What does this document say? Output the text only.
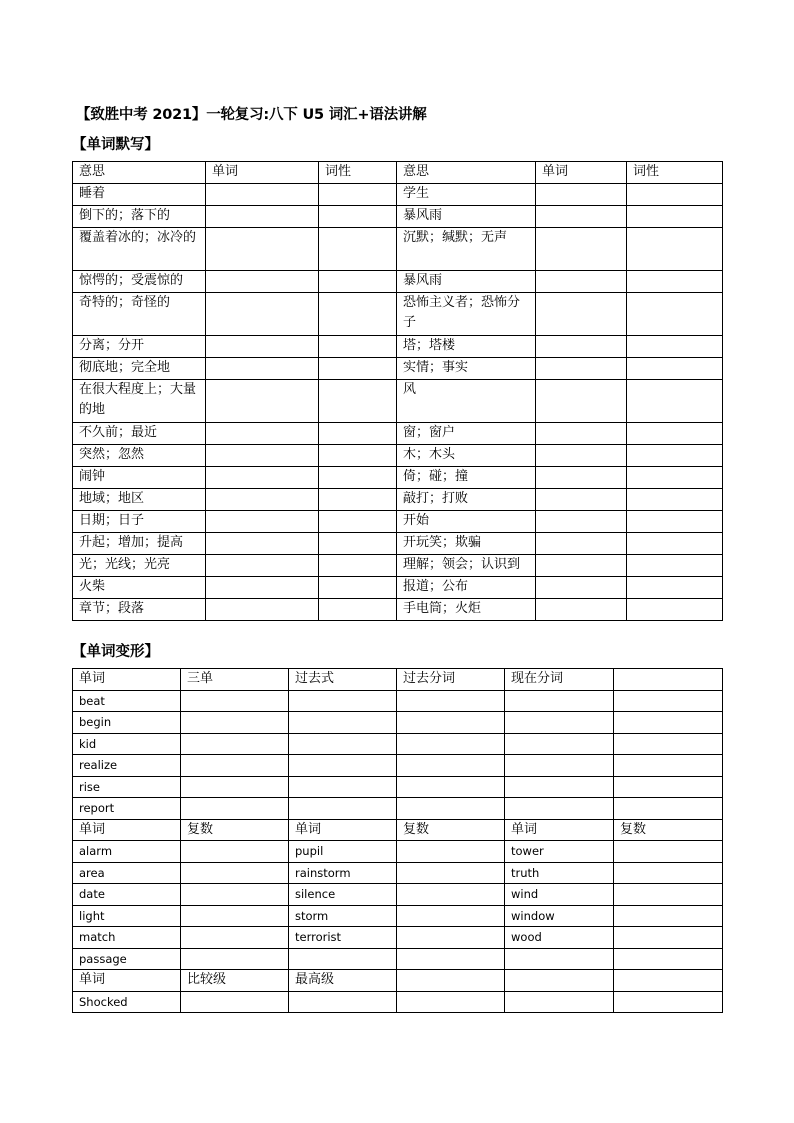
【致胜中考 2021】一轮复习:八下 U5 词汇+语法讲解
【单词默写】
意思	单词	词性	意思	单词	词性
睡着			学生		
倒下的；落下的			暴风雨		
覆盖着冰的；冰冷的			沉默；缄默；无声		
惊愕的；受震惊的			暴风雨		
奇特的；奇怪的			恐怖主义者；恐怖分子		
分离；分开			塔；塔楼		
彻底地；完全地			实情；事实		
在很大程度上；大量的地			风		
不久前；最近			窗；窗户		
突然；忽然			木；木头		
闹钟			倚；碰；撞		
地域；地区			敲打；打败		
日期；日子			开始		
升起；增加；提高			开玩笑；欺骗		
光；光线；光亮			理解；领会；认识到		
火柴			报道；公布		
章节；段落			手电筒；火炬		
【单词变形】
单词	三单	过去式	过去分词	现在分词	
beat					
begin					
kid					
realize					
rise					
report					
单词	复数	单词	复数	单词	复数
alarm		pupil		tower	
area		rainstorm		truth	
date		silence		wind	
light		storm		window	
match		terrorist		wood	
passage					
单词	比较级	最高级			
Shocked					
